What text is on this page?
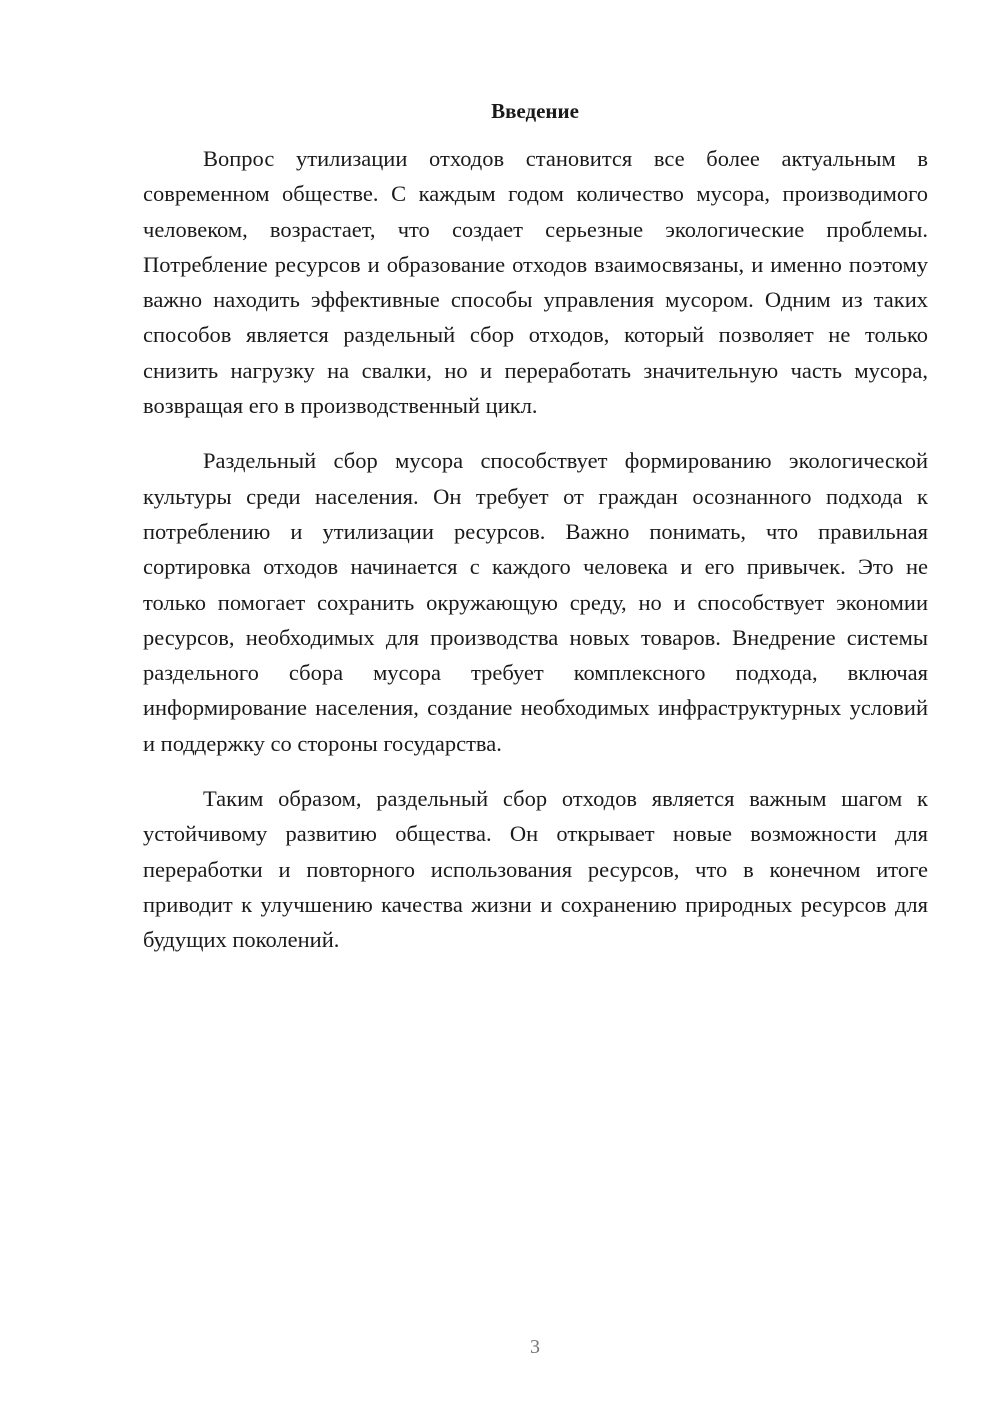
Введение

Вопрос утилизации отходов становится все более актуальным в современном обществе. С каждым годом количество мусора, производимого человеком, возрастает, что создает серьезные экологические проблемы. Потребление ресурсов и образование отходов взаимосвязаны, и именно поэтому важно находить эффективные способы управления мусором. Одним из таких способов является раздельный сбор отходов, который позволяет не только снизить нагрузку на свалки, но и переработать значительную часть мусора, возвращая его в производственный цикл.

Раздельный сбор мусора способствует формированию экологической культуры среди населения. Он требует от граждан осознанного подхода к потреблению и утилизации ресурсов. Важно понимать, что правильная сортировка отходов начинается с каждого человека и его привычек. Это не только помогает сохранить окружающую среду, но и способствует экономии ресурсов, необходимых для производства новых товаров. Внедрение системы раздельного сбора мусора требует комплексного подхода, включая информирование населения, создание необходимых инфраструктурных условий и поддержку со стороны государства.

Таким образом, раздельный сбор отходов является важным шагом к устойчивому развитию общества. Он открывает новые возможности для переработки и повторного использования ресурсов, что в конечном итоге приводит к улучшению качества жизни и сохранению природных ресурсов для будущих поколений.

3
